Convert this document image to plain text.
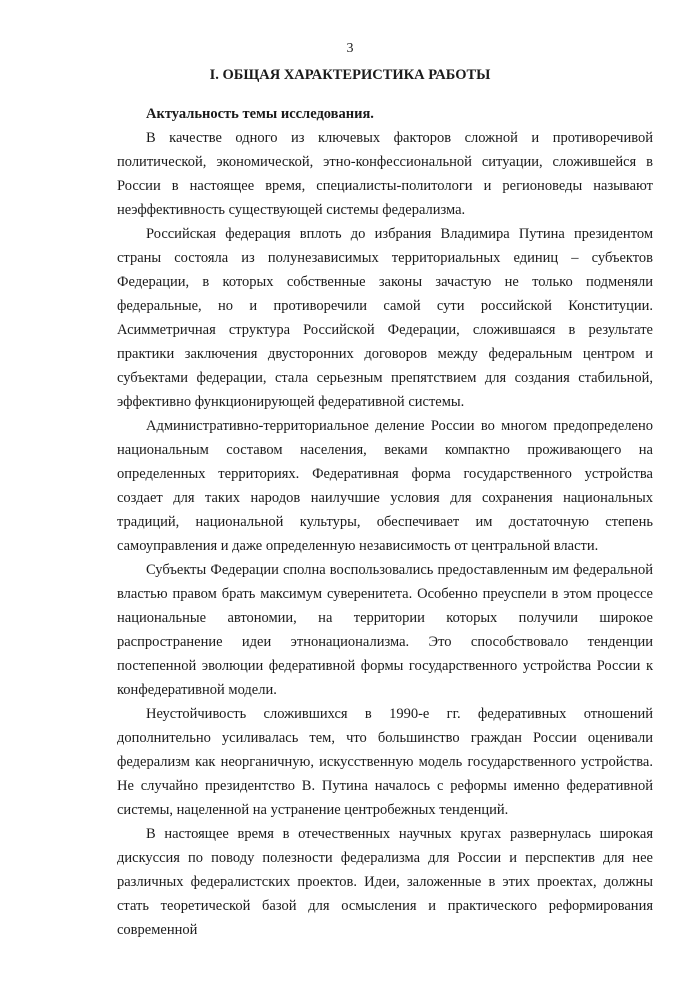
3
I. ОБЩАЯ ХАРАКТЕРИСТИКА РАБОТЫ

Актуальность темы исследования.

В качестве одного из ключевых факторов сложной и противоречивой политической, экономической, этно-конфессиональной ситуации, сложившейся в России в настоящее время, специалисты-политологи и регионоведы называют неэффективность существующей системы федерализма.

Российская федерация вплоть до избрания Владимира Путина президентом страны состояла из полунезависимых территориальных единиц – субъектов Федерации, в которых собственные законы зачастую не только подменяли федеральные, но и противоречили самой сути российской Конституции. Асимметричная структура Российской Федерации, сложившаяся в результате практики заключения двусторонних договоров между федеральным центром и субъектами федерации, стала серьезным препятствием для создания стабильной, эффективно функционирующей федеративной системы.

Административно-территориальное деление России во многом предопределено национальным составом населения, веками компактно проживающего на определенных территориях. Федеративная форма государственного устройства создает для таких народов наилучшие условия для сохранения национальных традиций, национальной культуры, обеспечивает им достаточную степень самоуправления и даже определенную независимость от центральной власти.

Субъекты Федерации сполна воспользовались предоставленным им федеральной властью правом брать максимум суверенитета. Особенно преуспели в этом процессе национальные автономии, на территории которых получили широкое распространение идеи этнонационализма. Это способствовало тенденции постепенной эволюции федеративной формы государственного устройства России к конфедеративной модели.

Неустойчивость сложившихся в 1990-е гг. федеративных отношений дополнительно усиливалась тем, что большинство граждан России оценивали федерализм как неорганичную, искусственную модель государственного устройства. Не случайно президентство В. Путина началось с реформы именно федеративной системы, нацеленной на устранение центробежных тенденций.

В настоящее время в отечественных научных кругах развернулась широкая дискуссия по поводу полезности федерализма для России и перспектив для нее различных федералистских проектов. Идеи, заложенные в этих проектах, должны стать теоретической базой для осмысления и практического реформирования современной
